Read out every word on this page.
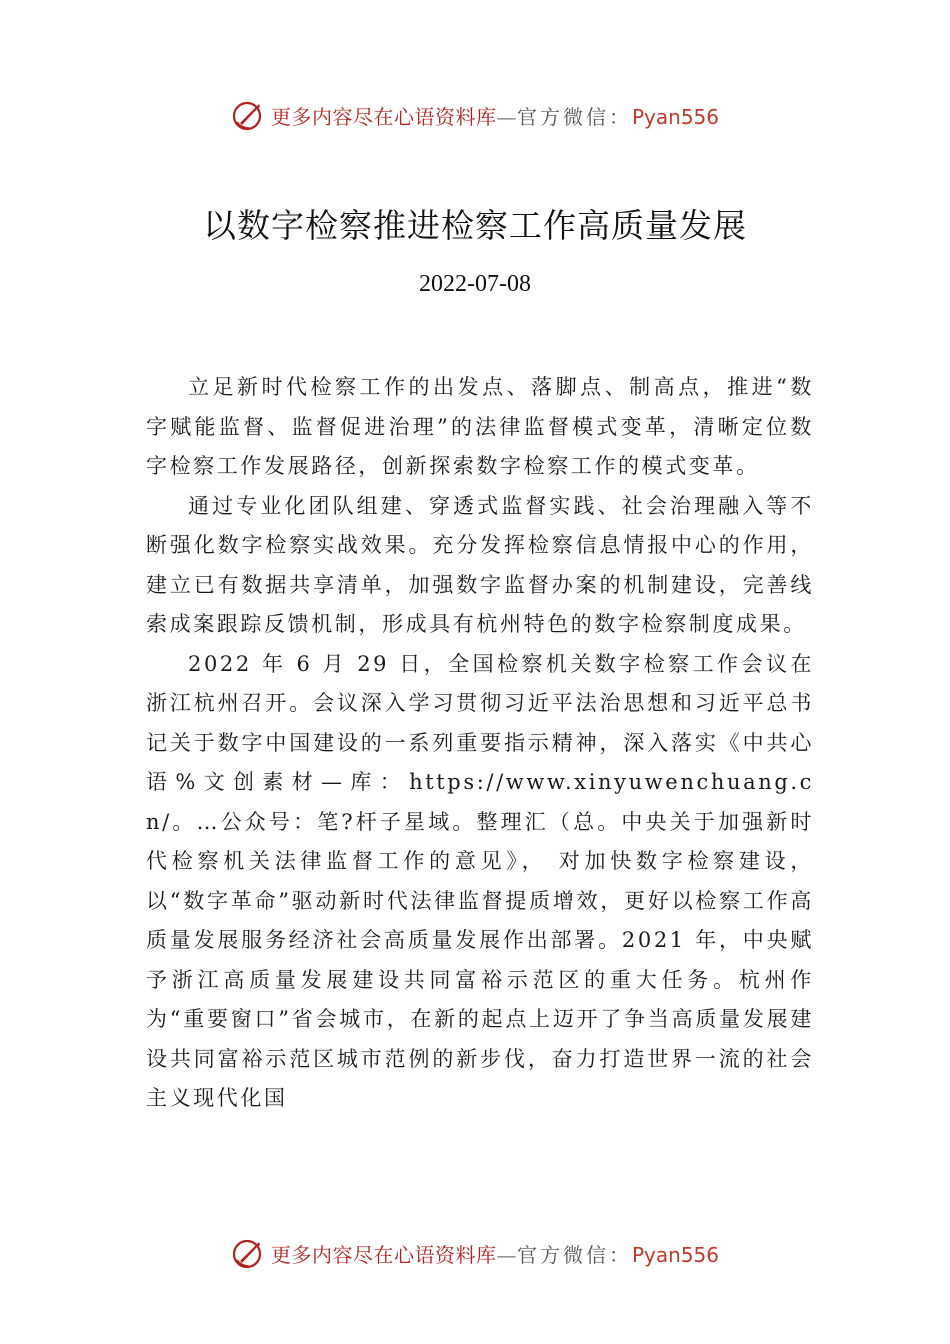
更多内容尽在心语资料库—官方微信：Pyan556
以数字检察推进检察工作高质量发展
2022-07-08

立足新时代检察工作的出发点、落脚点、制高点，推进“数字赋能监督、监督促进治理”的法律监督模式变革，清晰定位数字检察工作发展路径，创新探索数字检察工作的模式变革。

通过专业化团队组建、穿透式监督实践、社会治理融入等不断强化数字检察实战效果。充分发挥检察信息情报中心的作用，建立已有数据共享清单，加强数字监督办案的机制建设，完善线索成案跟踪反馈机制，形成具有杭州特色的数字检察制度成果。

2022 年 6 月 29 日，全国检察机关数字检察工作会议在浙江杭州召开。会议深入学习贯彻习近平法治思想和习近平总书记关于数字中国建设的一系列重要指示精神，深入落实《中共心语%文创素材—库：https://www.xinyuwenchuang.cn/。…公众号：笔?杆子星域。整理汇（总。中央关于加强新时代检察机关法律监督工作的意见》， 对加快数字检察建设，以“数字革命”驱动新时代法律监督提质增效，更好以检察工作高质量发展服务经济社会高质量发展作出部署。2021 年，中央赋予浙江高质量发展建设共同富裕示范区的重大任务。杭州作为“重要窗口”省会城市，在新的起点上迈开了争当高质量发展建设共同富裕示范区城市范例的新步伐，奋力打造世界一流的社会主义现代化国

更多内容尽在心语资料库—官方微信：Pyan556
